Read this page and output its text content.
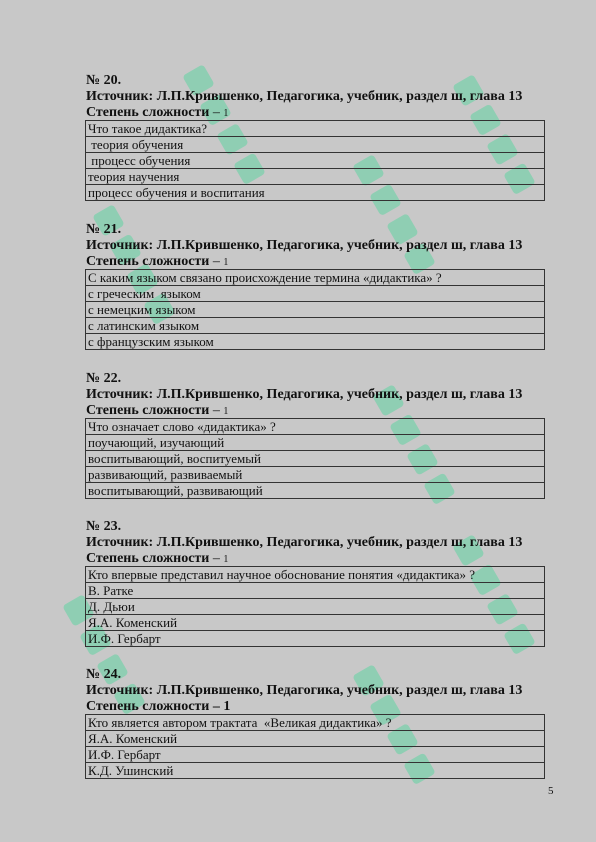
№ 20.
Источник: Л.П.Крившенко, Педагогика, учебник, раздел ш, глава 13
Степень сложности – 1
Что такое дидактика?
теория обучения
процесс обучения
теория научения
процесс обучения и воспитания
№ 21.
Источник: Л.П.Крившенко, Педагогика, учебник, раздел ш, глава 13
Степень сложности – 1
С каким языком связано происхождение термина «дидактика» ?
с греческим  языком
с немецким языком
с латинским языком
с французским языком
№ 22.
Источник: Л.П.Крившенко, Педагогика, учебник, раздел ш, глава 13
Степень сложности – 1
Что означает слово «дидактика» ?
поучающий, изучающий
воспитывающий, воспитуемый
развивающий, развиваемый
воспитывающий, развивающий
№ 23.
Источник: Л.П.Крившенко, Педагогика, учебник, раздел ш, глава 13
Степень сложности – 1
Кто впервые представил научное обоснование понятия «дидактика» ?
В. Ратке
Д. Дьюи
Я.А. Коменский
И.Ф. Гербарт
№ 24.
Источник: Л.П.Крившенко, Педагогика, учебник, раздел ш, глава 13
Степень сложности – 1
Кто является автором трактата  «Великая дидактика» ?
Я.А. Коменский
И.Ф. Гербарт
К.Д. Ушинский
5
